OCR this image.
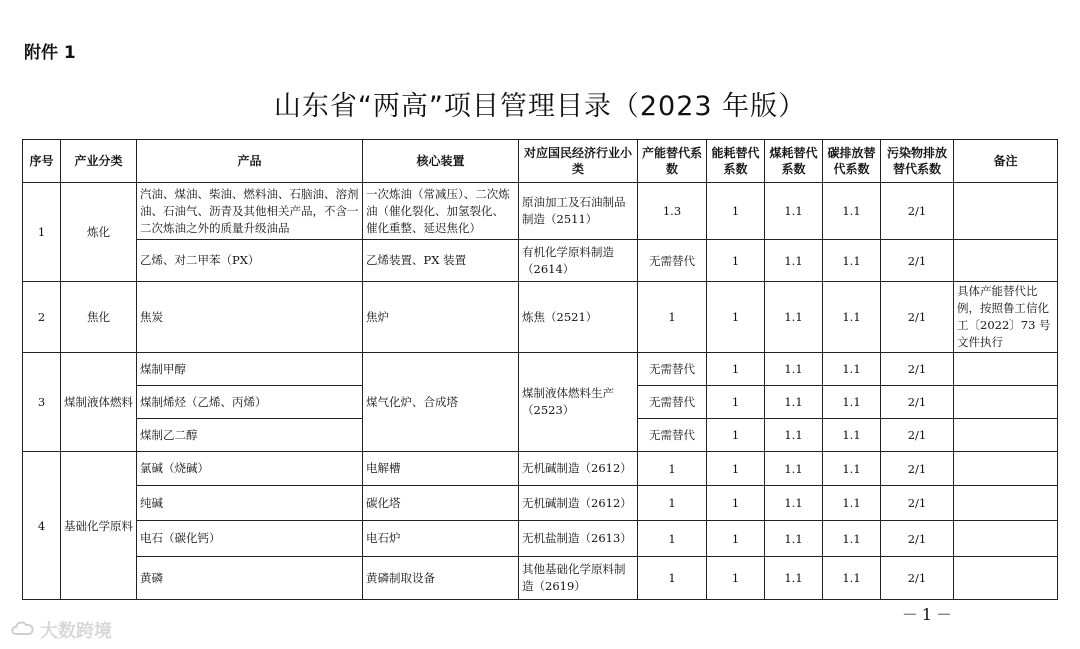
附件 1
山东省“两高”项目管理目录（2023 年版）
序号	产业分类	产品	核心装置	对应国民经济行业小类	产能替代系数	能耗替代系数	煤耗替代系数	碳排放替代系数	污染物排放替代系数	备注
1	炼化	汽油、煤油、柴油、燃料油、石脑油、溶剂油、石油气、沥青及其他相关产品，不含一二次炼油之外的质量升级油品	一次炼油（常减压）、二次炼油（催化裂化、加氢裂化、催化重整、延迟焦化）	原油加工及石油制品制造（2511）	1.3	1	1.1	1.1	2/1	
		乙烯、对二甲苯（PX）	乙烯装置、PX 装置	有机化学原料制造（2614）	无需替代	1	1.1	1.1	2/1	
2	焦化	焦炭	焦炉	炼焦（2521）	1	1	1.1	1.1	2/1	具体产能替代比例，按照鲁工信化工〔2022〕73 号文件执行
3	煤制液体燃料	煤制甲醇	煤气化炉、合成塔	煤制液体燃料生产（2523）	无需替代	1	1.1	1.1	2/1	
		煤制烯烃（乙烯、丙烯）			无需替代	1	1.1	1.1	2/1	
		煤制乙二醇			无需替代	1	1.1	1.1	2/1	
4	基础化学原料	氯碱（烧碱）	电解槽	无机碱制造（2612）	1	1	1.1	1.1	2/1	
		纯碱	碳化塔	无机碱制造（2612）	1	1	1.1	1.1	2/1	
		电石（碳化钙）	电石炉	无机盐制造（2613）	1	1	1.1	1.1	2/1	
		黄磷	黄磷制取设备	其他基础化学原料制造（2619）	1	1	1.1	1.1	2/1	
－1－
大数跨境
